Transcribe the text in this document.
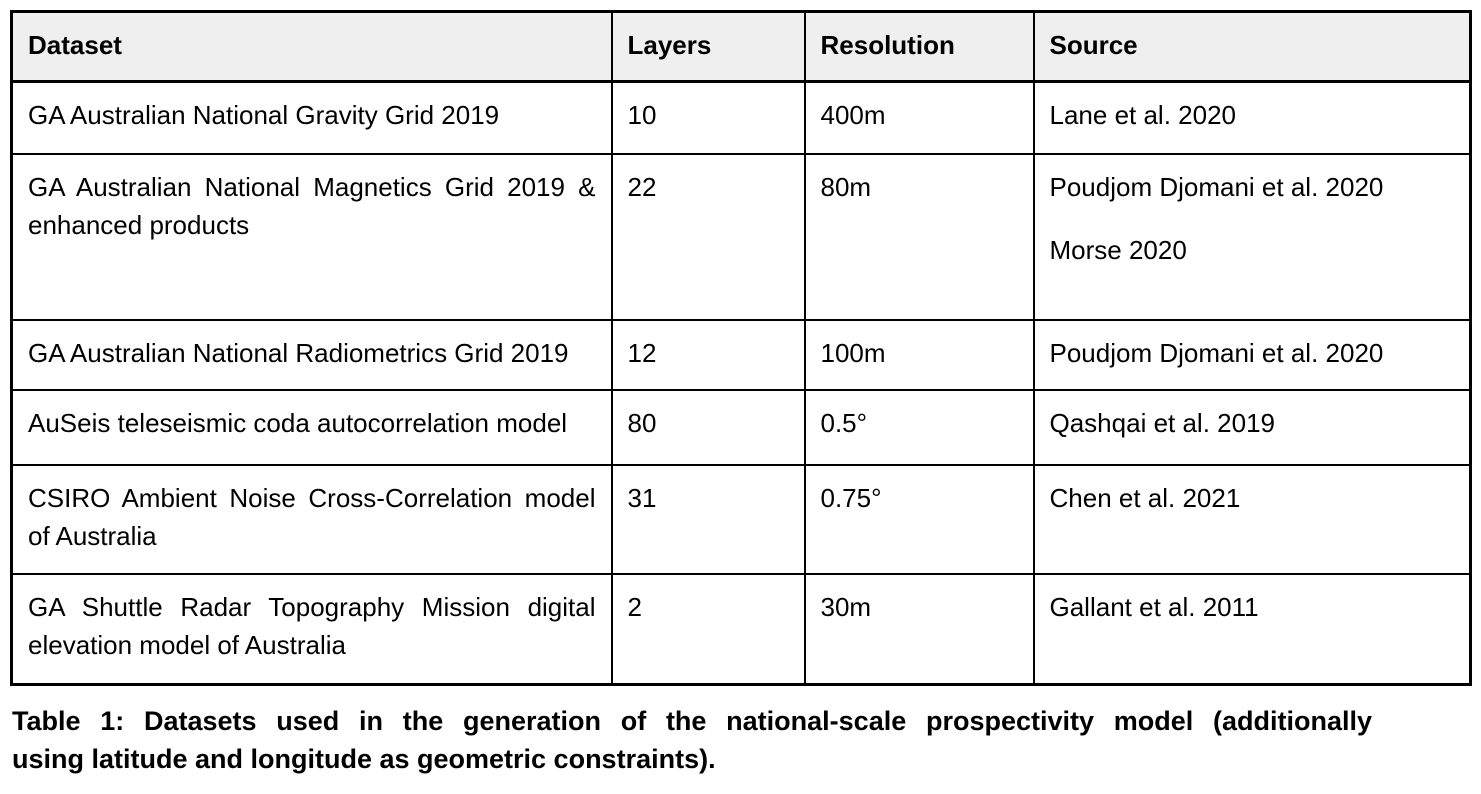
Dataset	Layers	Resolution	Source
GA Australian National Gravity Grid 2019	10	400m	Lane et al. 2020

GA Australian National Magnetics Grid 2019 & enhanced products	22	80m	Poudjom Djomani et al. 2020

Morse 2020

GA Australian National Radiometrics Grid 2019	12	100m	Poudjom Djomani et al. 2020

AuSeis teleseismic coda autocorrelation model	80	0.5°	Qashqai et al. 2019

CSIRO Ambient Noise Cross-Correlation model of Australia	31	0.75°	Chen et al. 2021

GA Shuttle Radar Topography Mission digital elevation model of Australia	2	30m	Gallant et al. 2011

Table 1: Datasets used in the generation of the national-scale prospectivity model (additionally
using latitude and longitude as geometric constraints).
